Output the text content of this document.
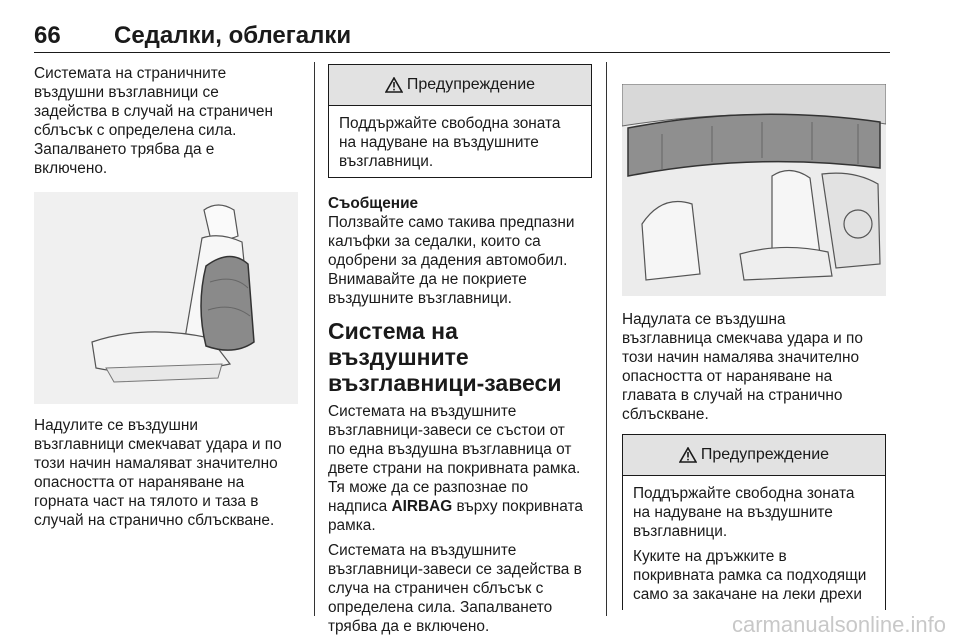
66 Седалки, облегалки

Системата на страничните

въздушни възглавници се

задейства в случай на страничен

сблъсък с определена сила.

Запалването трябва да е

включено.

Надулите се въздушни

възглавници смекчават удара и по

този начин намаляват значително

опасността от нараняване на

горната част на тялото и таза в

случай на странично сблъскване.

Предупреждение

Поддържайте свободна зоната

на надуване на въздушните

възглавници.

Съобщение

Ползвайте само такива предпазни

калъфки за седалки, които са

одобрени за дадения автомобил.

Внимавайте да не покриете

въздушните възглавници.

Система на въздушните
възглавници-завеси

Системата на въздушните

възглавници-завеси се състои от

по една въздушна възглавница от

двете страни на покривната рамка.

Тя може да се разпознае по

надписа AIRBAG върху покривната

рамка.

Системата на въздушните

възглавници-завеси се задейства в

случа на страничен сблъсък с

определена сила. Запалването

трябва да е включено.

Надулата се въздушна

възглавница смекчава удара и по

този начин намалява значително

опасността от нараняване на

главата в случай на странично

сблъскване.

Предупреждение

Поддържайте свободна зоната

на надуване на въздушните

възглавници.

Куките на дръжките в

покривната рамка са подходящи

само за закачане на леки дрехи

carmanualsonline.info
